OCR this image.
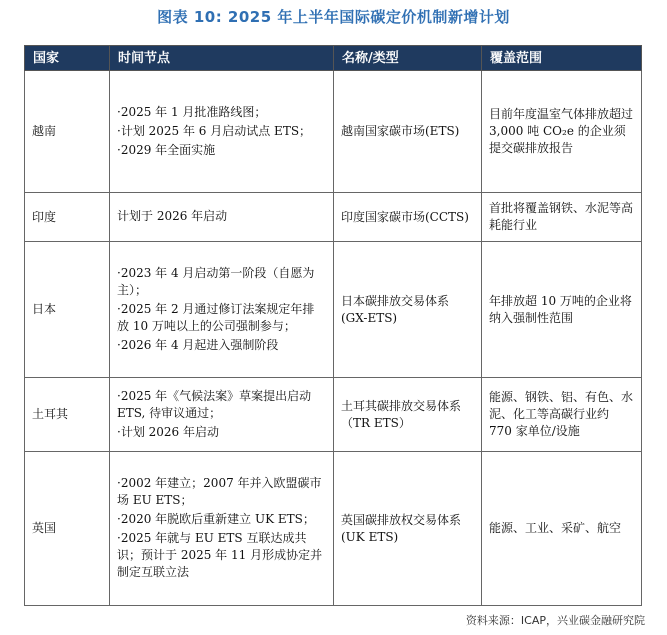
图表 10: 2025 年上半年国际碳定价机制新增计划
国家	时间节点	名称/类型	覆盖范围
越南	·2025 年 1 月批准路线图；
·计划 2025 年 6 月启动试点 ETS；
·2029 年全面实施	越南国家碳市场(ETS)	目前年度温室气体排放超过 3,000 吨 CO₂e 的企业须提交碳排放报告
印度	计划于 2026 年启动	印度国家碳市场(CCTS)	首批将覆盖钢铁、水泥等高耗能行业
日本	·2023 年 4 月启动第一阶段（自愿为主）；
·2025 年 2 月通过修订法案规定年排放 10 万吨以上的公司强制参与；
·2026 年 4 月起进入强制阶段	日本碳排放交易体系(GX-ETS)	年排放超 10 万吨的企业将纳入强制性范围
土耳其	·2025 年《气候法案》草案提出启动 ETS, 待审议通过；
·计划 2026 年启动	土耳其碳排放交易体系（TR ETS）	能源、钢铁、铝、有色、水泥、化工等高碳行业约 770 家单位/设施
英国	·2002 年建立；2007 年并入欧盟碳市场 EU ETS；
·2020 年脱欧后重新建立 UK ETS；
·2025 年就与 EU ETS 互联达成共识；预计于 2025 年 11 月形成协定并制定互联立法	英国碳排放权交易体系(UK ETS)	能源、工业、采矿、航空
资料来源：ICAP，兴业碳金融研究院
